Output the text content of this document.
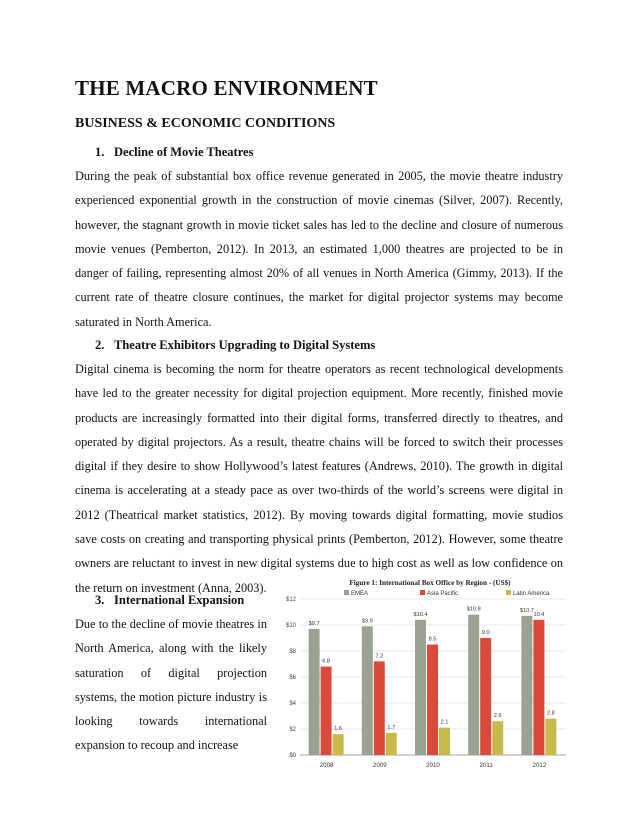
THE MACRO ENVIRONMENT
BUSINESS & ECONOMIC CONDITIONS
1. Decline of Movie Theatres

During the peak of substantial box office revenue generated in 2005, the movie theatre industry experienced exponential growth in the construction of movie cinemas (Silver, 2007). Recently, however, the stagnant growth in movie ticket sales has led to the decline and closure of numerous movie venues (Pemberton, 2012). In 2013, an estimated 1,000 theatres are projected to be in danger of failing, representing almost 20% of all venues in North America (Gimmy, 2013). If the current rate of theatre closure continues, the market for digital projector systems may become saturated in North America.

2. Theatre Exhibitors Upgrading to Digital Systems

Digital cinema is becoming the norm for theatre operators as recent technological developments have led to the greater necessity for digital projection equipment. More recently, finished movie products are increasingly formatted into their digital forms, transferred directly to theatres, and operated by digital projectors. As a result, theatre chains will be forced to switch their processes digital if they desire to show Hollywood’s latest features (Andrews, 2010). The growth in digital cinema is accelerating at a steady pace as over two-thirds of the world’s screens were digital in 2012 (Theatrical market statistics, 2012). By moving towards digital formatting, movie studios save costs on creating and transporting physical prints (Pemberton, 2012). However, some theatre owners are reluctant to invest in new digital systems due to high cost as well as low confidence on the return on investment (Anna, 2003).

3. International Expansion

Due to the decline of movie theatres in North America, along with the likely saturation of digital projection systems, the motion picture industry is looking towards international expansion to recoup and increase

Figure 1: International Box Office by Region - (US$)
EMEA	Asia Pacific	Latin America
$0
$2
$4
$6
$8
$10
$12
$9.7
6.8
1.6
2008
$9.9
7.2
1.7
2009
$10.4
8.5
2.1
2010
$10.8
9.0
2.6
2011
$10.7
10.4
2.8
2012
